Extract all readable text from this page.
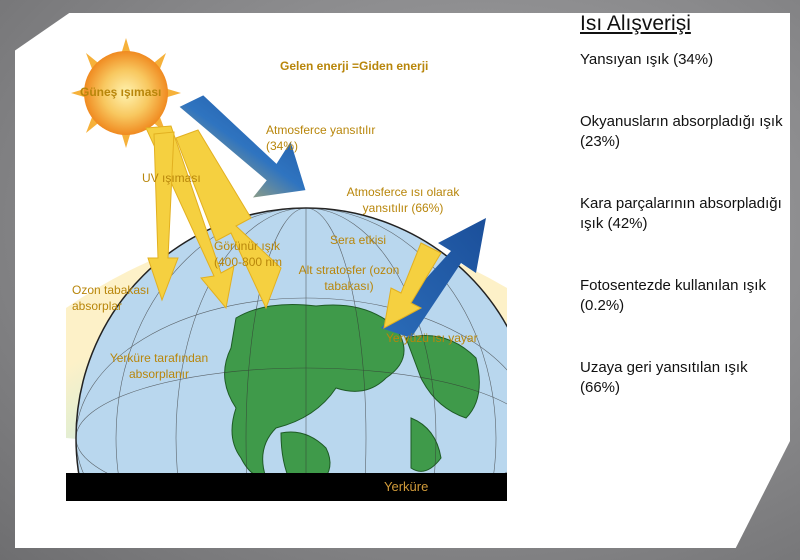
Gelen enerji =Giden enerji
Güneş ışıması
Atmosferce yansıtılır (34%)
UV ışıması
Atmosferce ısı olarak yansıtılır (66%)
Sera etkisi
Görünür ışık (400-800 nm
Ozon tabakası absorplar
Alt stratosfer (ozon tabakası)
Yeryüzü ısı yayar
Yerküre tarafından absorplanır
Yerküre
Isı Alışverişi
Yansıyan ışık (34%)
Okyanusların absorpladığı ışık (23%)
Kara parçalarının absorpladığı ışık (42%)
Fotosentezde kullanılan ışık (0.2%)
Uzaya geri yansıtılan ışık (66%)
